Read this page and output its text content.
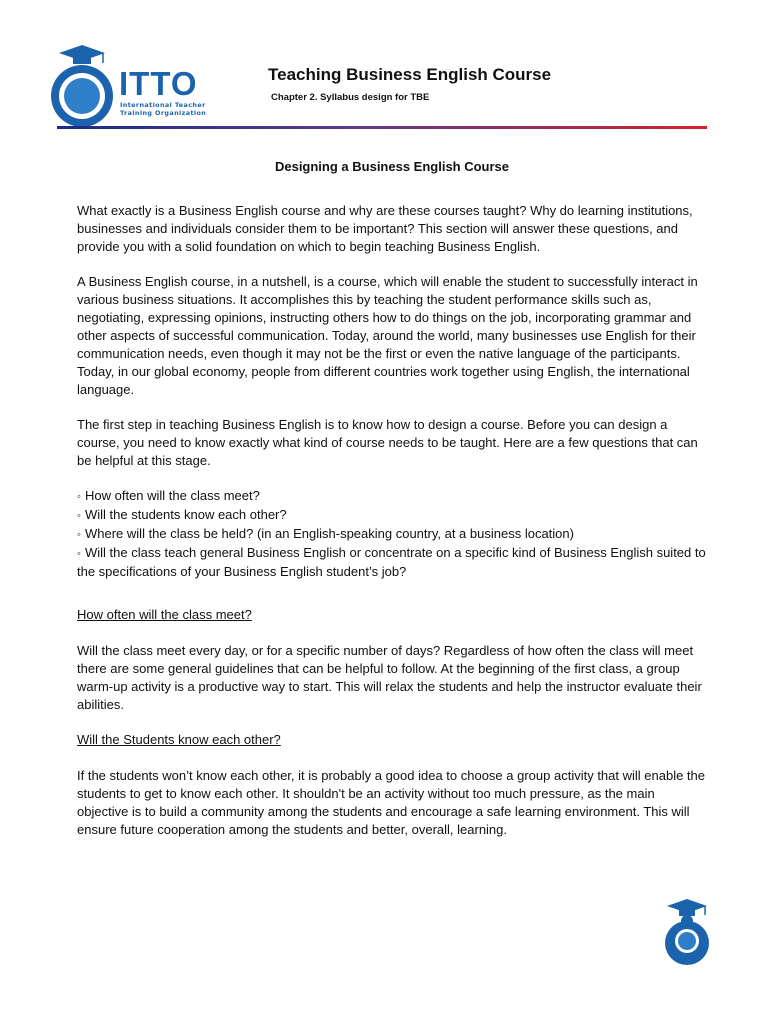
ITTO
International Teacher
Training Organization
Teaching Business English Course
Chapter 2. Syllabus design for TBE

Designing a Business English Course

What exactly is a Business English course and why are these courses taught? Why do learning institutions, businesses and individuals consider them to be important? This section will answer these questions, and provide you with a solid foundation on which to begin teaching Business English.

A Business English course, in a nutshell, is a course, which will enable the student to successfully interact in various business situations. It accomplishes this by teaching the student performance skills such as, negotiating, expressing opinions, instructing others how to do things on the job, incorporating grammar and other aspects of successful communication. Today, around the world, many businesses use English for their communication needs, even though it may not be the first or even the native language of the participants. Today, in our global economy, people from different countries work together using English, the international language.

The first step in teaching Business English is to know how to design a course. Before you can design a course, you need to know exactly what kind of course needs to be taught. Here are a few questions that can be helpful at this stage.

◦ How often will the class meet?
◦ Will the students know each other?
◦ Where will the class be held? (in an English-speaking country, at a business location)
◦ Will the class teach general Business English or concentrate on a specific kind of Business English suited to the specifications of your Business English student’s job?

How often will the class meet?

Will the class meet every day, or for a specific number of days? Regardless of how often the class will meet there are some general guidelines that can be helpful to follow. At the beginning of the first class, a group warm-up activity is a productive way to start. This will relax the students and help the instructor evaluate their abilities.

Will the Students know each other?

If the students won’t know each other, it is probably a good idea to choose a group activity that will enable the students to get to know each other. It shouldn't be an activity without too much pressure, as the main objective is to build a community among the students and encourage a safe learning environment. This will ensure future cooperation among the students and better, overall, learning.
